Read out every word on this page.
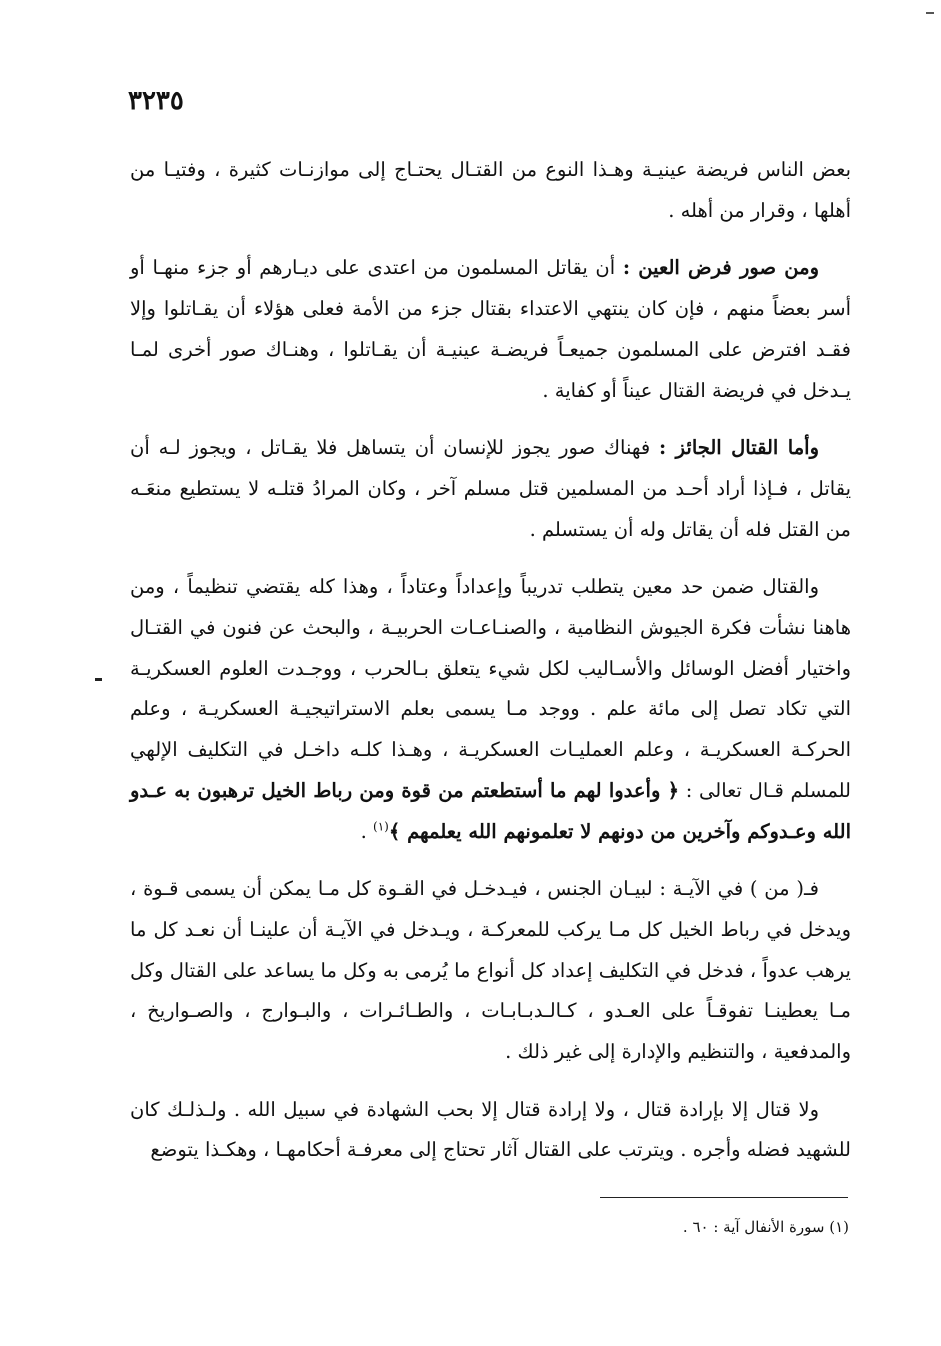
٣٢٣٥

بعض الناس فريضة عينيـة وهـذا النوع من القتـال يحتـاج إلى موازنـات كثيرة ، وفتيـا من أهلها ، وقرار من أهله .

ومن صور فرض العين : أن يقاتل المسلمون من اعتدى على ديـارهم أو جزء منهـا أو أسر بعضاً منهم ، فإن كان ينتهي الاعتداء بقتال جزء من الأمة فعلى هؤلاء أن يقـاتلوا وإلا فقـد افترض على المسلمون جميعـاً فريضـة عينيـة أن يقـاتلوا ، وهنـاك صور أخرى لمـا يـدخل في فريضة القتال عيناً أو كفاية .

وأما القتال الجائز : فهناك صور يجوز للإنسان أن يتساهل فلا يقـاتل ، ويجوز لـه أن يقاتل ، فـإذا أراد أحـد من المسلمين قتل مسلم آخر ، وكان المرادُ قتلـه لا يستطيع منعَـه من القتل فله أن يقاتل وله أن يستسلم .

والقتال ضمن حد معين يتطلب تدريباً وإعداداً وعتاداً ، وهذا كله يقتضي تنظيماً ، ومن هاهنا نشأت فكرة الجيوش النظامية ، والصنـاعـات الحربيـة ، والبحث عن فنون في القتـال واختيار أفضل الوسائل والأسـاليب لكل شيء يتعلق بـالحرب ، ووجـدت العلوم العسكريـة التي تكاد تصل إلى مائة علم . ووجد مـا يسمى بعلم الاستراتيجيـة العسكريـة ، وعلم الحركـة العسكريـة ، وعلم العمليـات العسكريـة ، وهـذا كلـه داخـل في التكليف الإلهي للمسلم قـال تعالى : ﴿ وأعدوا لهم ما أستطعتم من قوة ومن رباط الخيل ترهبون به عـدو الله وعـدوكم وآخرين من دونهم لا تعلمونهم الله يعلمهم ﴾$^{(١)}$ .

فـ( من ) في الآيـة : لبيـان الجنس ، فيـدخـل في القـوة كل مـا يمكن أن يسمى قـوة ، ويدخل في رباط الخيل كل مـا يركب للمعركـة ، ويـدخل في الآيـة أن علينـا أن نعـد كل ما يرهب عدواً ، فدخل في التكليف إعداد كل أنواع ما يُرمى به وكل ما يساعد على القتال وكل مـا يعطينـا تفوقـاً على العـدو ، كـالـدبـابـات ، والطـائـرات ، والبـوارج ، والصـواريخ ، والمدفعية ، والتنظيم والإدارة إلى غير ذلك .

ولا قتال إلا بإرادة قتال ، ولا إرادة قتال إلا بحب الشهادة في سبيل الله . ولـذلـك كان للشهيد فضله وأجره . ويترتب على القتال آثار تحتاج إلى معرفـة أحكامهـا ، وهكـذا يتوضع

(١) سورة الأنفال آية : ٦٠ .
